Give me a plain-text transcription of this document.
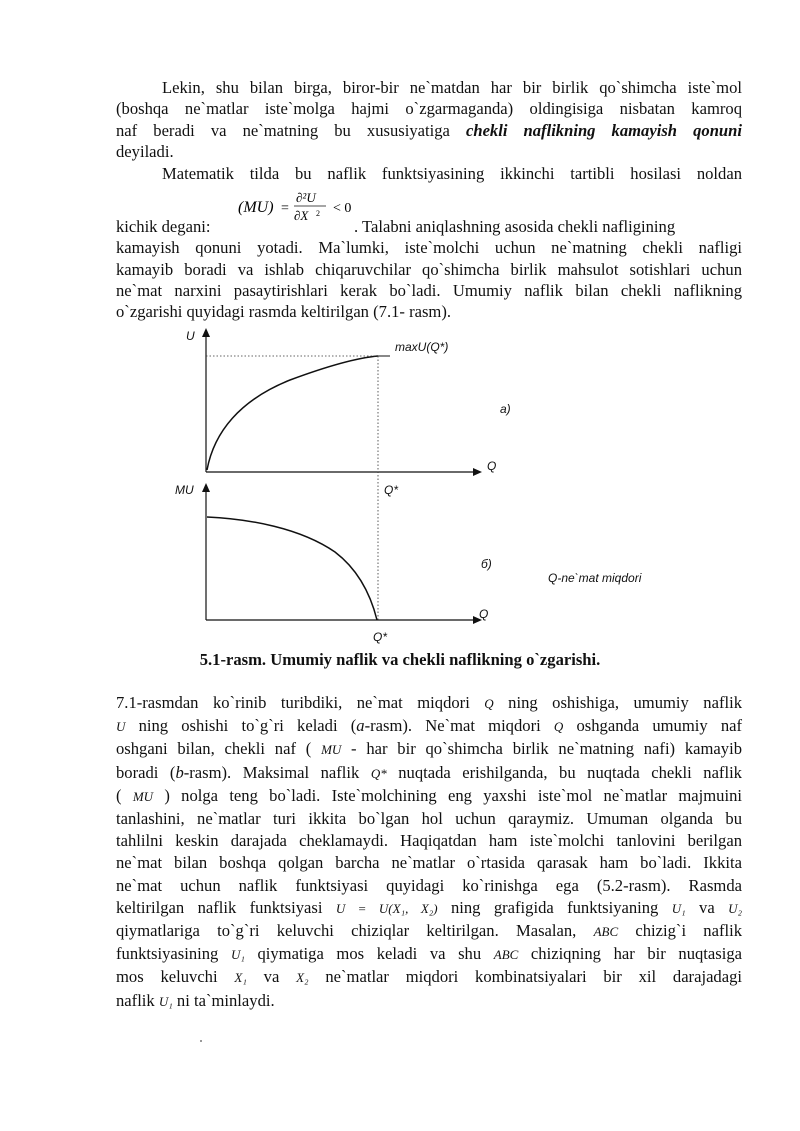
Lekin, shu bilan birga, biror-bir ne`matdan har bir birlik qo`shimcha iste`mol
(boshqa ne`matlar iste`molga hajmi o`zgarmaganda) oldingisiga nisbatan kamroq
naf beradi va ne`matning bu xususiyatiga chekli naflikning kamayish qonuni
deyiladi.
Matematik tilda bu naflik funktsiyasining ikkinchi tartibli hosilasi noldan
(MU) =
∂²U
∂X 2 < 0
kichik degani:	. Talabni aniqlashning asosida chekli nafligining
kamayish qonuni yotadi. Ma`lumki, iste`molchi uchun ne`matning chekli nafligi
kamayib boradi va ishlab chiqaruvchilar qo`shimcha birlik mahsulot sotishlari uchun
ne`mat narxini pasaytirishlari kerak bo`ladi. Umumiy naflik bilan chekli naflikning
o`zgarishi quyidagi rasmda keltirilgan (7.1- rasm).
U
maxU(Q*)
a)
Q
Q*
MU
б)
Q-ne`mat miqdori
Q
Q*
5.1-rasm. Umumiy naflik va chekli naflikning o`zgarishi.
7.1-rasmdan ko`rinib turibdiki, ne`mat miqdori Q ning oshishiga, umumiy naflik
U ning oshishi to`g`ri keladi (a-rasm). Ne`mat miqdori Q oshganda umumiy naf
oshgani bilan, chekli naf ( MU - har bir qo`shimcha birlik ne`matning nafi) kamayib
boradi (b-rasm). Maksimal naflik Q* nuqtada erishilganda, bu nuqtada chekli naflik
( MU ) nolga teng bo`ladi. Iste`molchining eng yaxshi iste`mol ne`matlar majmuini
tanlashini, ne`matlar turi ikkita bo`lgan hol uchun qaraymiz. Umuman olganda bu
tahlilni keskin darajada cheklamaydi. Haqiqatdan ham iste`molchi tanlovini berilgan
ne`mat bilan boshqa qolgan barcha ne`matlar o`rtasida qarasak ham bo`ladi. Ikkita
ne`mat uchun naflik funktsiyasi quyidagi ko`rinishga ega (5.2-rasm). Rasmda
keltirilgan naflik funktsiyasi U = U(X₁, X₂) ning grafigida funktsiyaning U₁ va U₂
qiymatlariga to`g`ri keluvchi chiziqlar keltirilgan. Masalan, ABC chizig`i naflik
funktsiyasining U₁ qiymatiga mos keladi va shu ABC chiziqning har bir nuqtasiga
mos keluvchi X₁ va X₂ ne`matlar miqdori kombinatsiyalari bir xil darajadagi
naflik U₁ ni ta`minlaydi.
